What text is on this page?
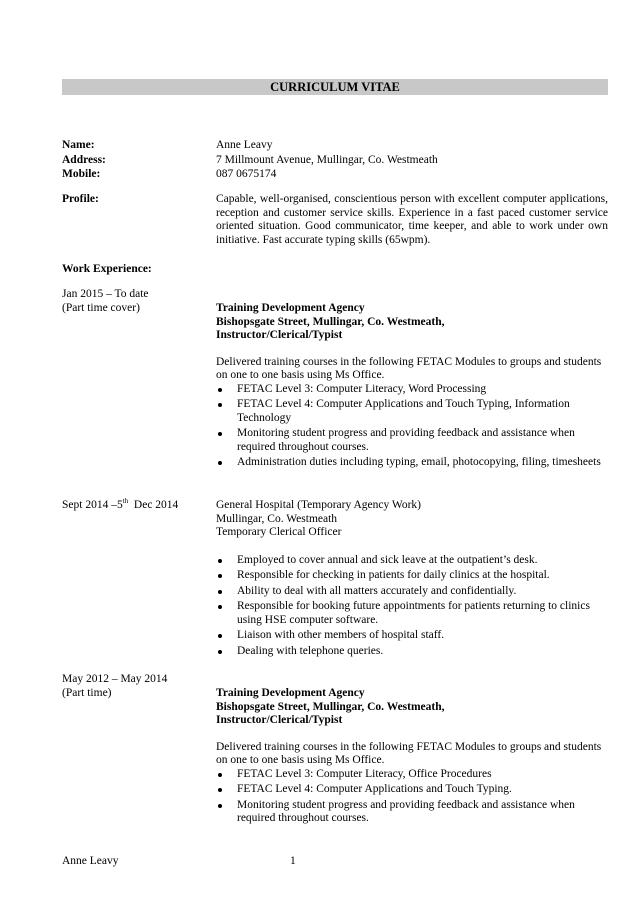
CURRICULUM VITAE
Name:	Anne Leavy
Address:	7 Millmount Avenue, Mullingar, Co. Westmeath
Mobile:	087 0675174
Profile:	Capable, well-organised, conscientious person with excellent computer applications, reception and customer service skills. Experience in a fast paced customer service oriented situation. Good communicator, time keeper, and able to work under own initiative. Fast accurate typing skills (65wpm).
Work Experience:
Jan 2015 – To date
(Part time cover)	Training Development Agency
Bishopsgate Street, Mullingar, Co. Westmeath,
Instructor/Clerical/Typist
Delivered training courses in the following FETAC Modules to groups and students on one to one basis using Ms Office.
FETAC Level 3: Computer Literacy, Word Processing
FETAC Level 4: Computer Applications and Touch Typing, Information Technology
Monitoring student progress and providing feedback and assistance when required throughout courses.
Administration duties including typing, email, photocopying, filing, timesheets
Sept 2014 –5th  Dec 2014	General Hospital (Temporary Agency Work)
Mullingar, Co. Westmeath
Temporary Clerical Officer
Employed to cover annual and sick leave at the outpatient’s desk.
Responsible for checking in patients for daily clinics at the hospital.
Ability to deal with all matters accurately and confidentially.
Responsible for booking future appointments for patients returning to clinics using HSE computer software.
Liaison with other members of hospital staff.
Dealing with telephone queries.
May 2012 – May 2014
(Part time)	Training Development Agency
Bishopsgate Street, Mullingar, Co. Westmeath,
Instructor/Clerical/Typist
Delivered training courses in the following FETAC Modules to groups and students on one to one basis using Ms Office.
FETAC Level 3: Computer Literacy, Office Procedures
FETAC Level 4: Computer Applications and Touch Typing.
Monitoring student progress and providing feedback and assistance when required throughout courses.
Anne Leavy	1
